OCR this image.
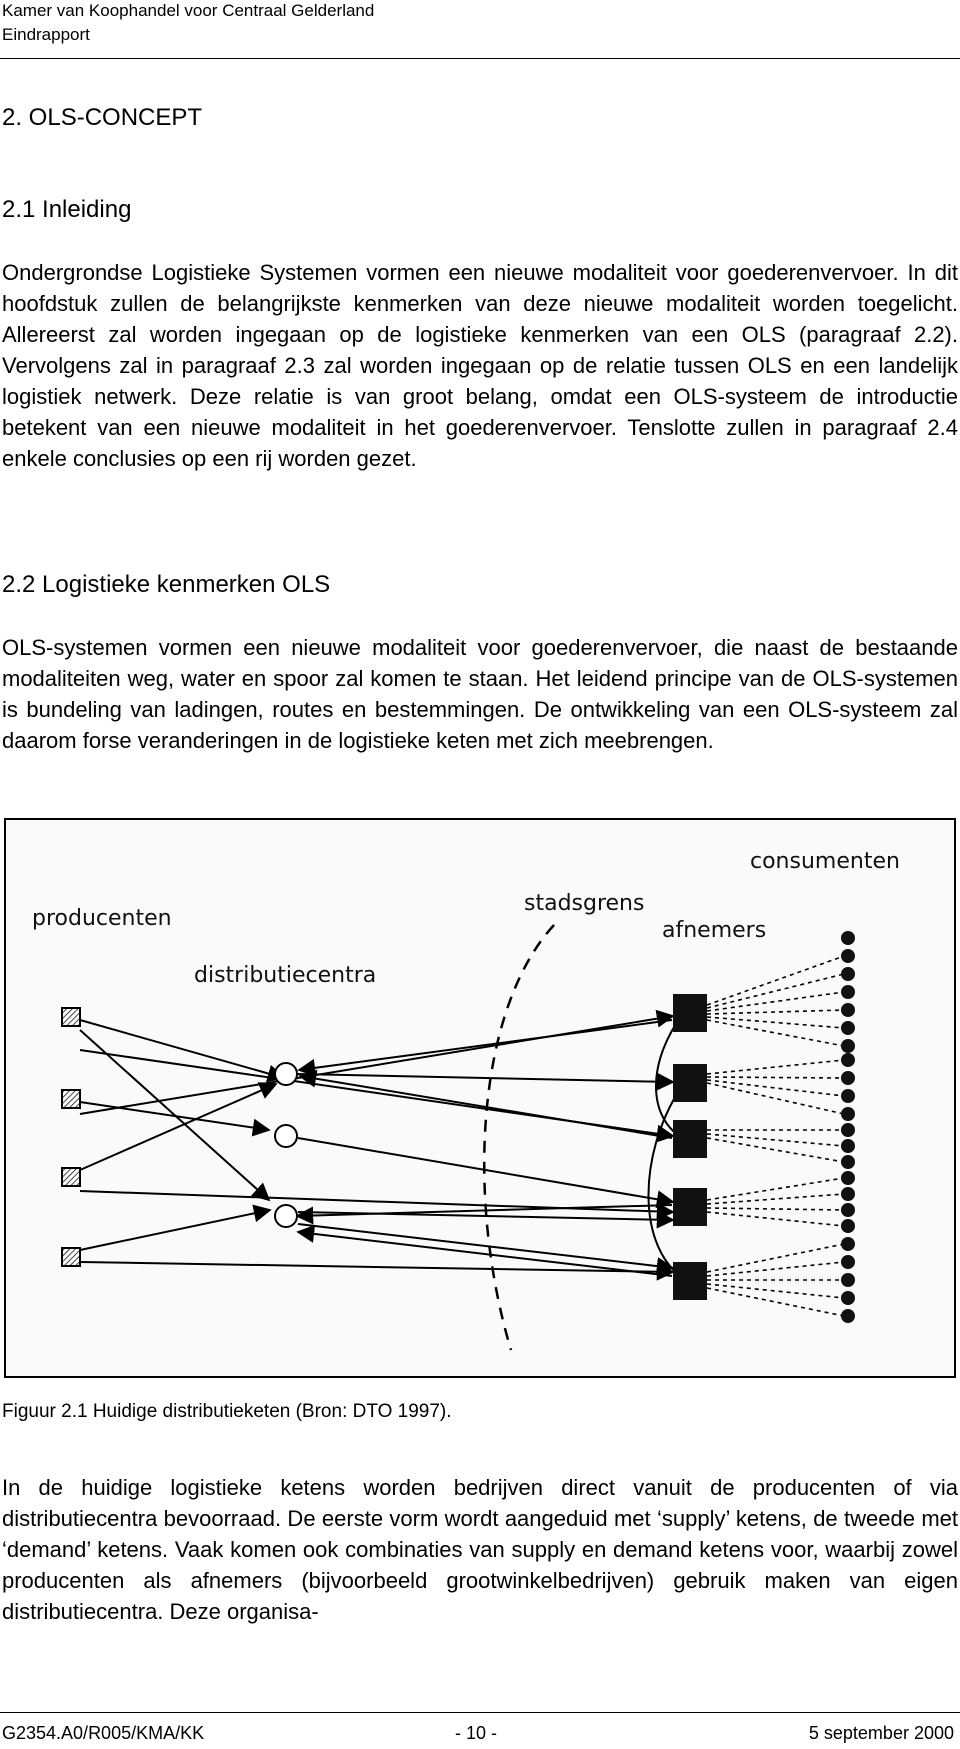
Kamer van Koophandel voor Centraal Gelderland
Eindrapport
2. OLS-CONCEPT
2.1 Inleiding

Ondergrondse Logistieke Systemen vormen een nieuwe modaliteit voor goederenvervoer. In dit hoofdstuk zullen de belangrijkste kenmerken van deze nieuwe modaliteit worden toegelicht. Allereerst zal worden ingegaan op de logistieke kenmerken van een OLS (paragraaf 2.2). Vervolgens zal in paragraaf 2.3 zal worden ingegaan op de relatie tussen OLS en een landelijk logistiek netwerk. Deze relatie is van groot belang, omdat een OLS-systeem de introductie betekent van een nieuwe modaliteit in het goederenvervoer. Tenslotte zullen in paragraaf 2.4 enkele conclusies op een rij worden gezet.

2.2 Logistieke kenmerken OLS

OLS-systemen vormen een nieuwe modaliteit voor goederenvervoer, die naast de bestaande modaliteiten weg, water en spoor zal komen te staan. Het leidend principe van de OLS-systemen is bundeling van ladingen, routes en bestemmingen. De ontwikkeling van een OLS-systeem zal daarom forse veranderingen in de logistieke keten met zich meebrengen.

producenten
distributiecentra
stadsgrens
afnemers
consumenten
Figuur 2.1 Huidige distributieketen (Bron: DTO 1997).

In de huidige logistieke ketens worden bedrijven direct vanuit de producenten of via distributiecentra bevoorraad. De eerste vorm wordt aangeduid met ‘supply’ ketens, de tweede met ‘demand’ ketens. Vaak komen ook combinaties van supply en demand ketens voor, waarbij zowel producenten als afnemers (bijvoorbeeld grootwinkelbedrijven) gebruik maken van eigen distributiecentra. Deze organisa-

G2354.A0/R005/KMA/KK	- 10 -	5 september 2000
